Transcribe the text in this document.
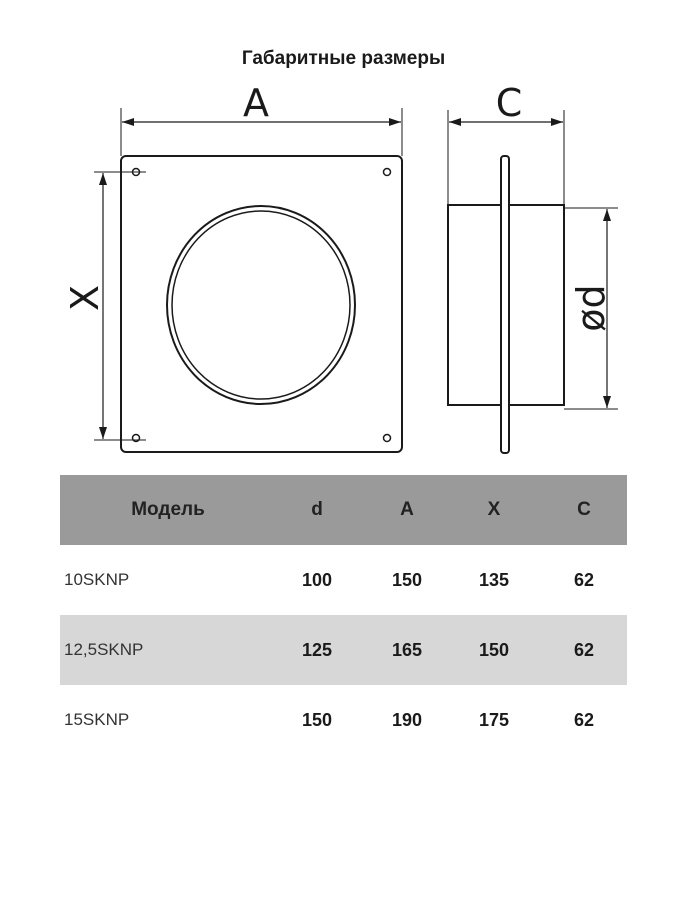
Габаритные размеры
A
X
C
ød
Модель	d	A	X	C
10SKNP	100	150	135	62
12,5SKNP	125	165	150	62
15SKNP	150	190	175	62
